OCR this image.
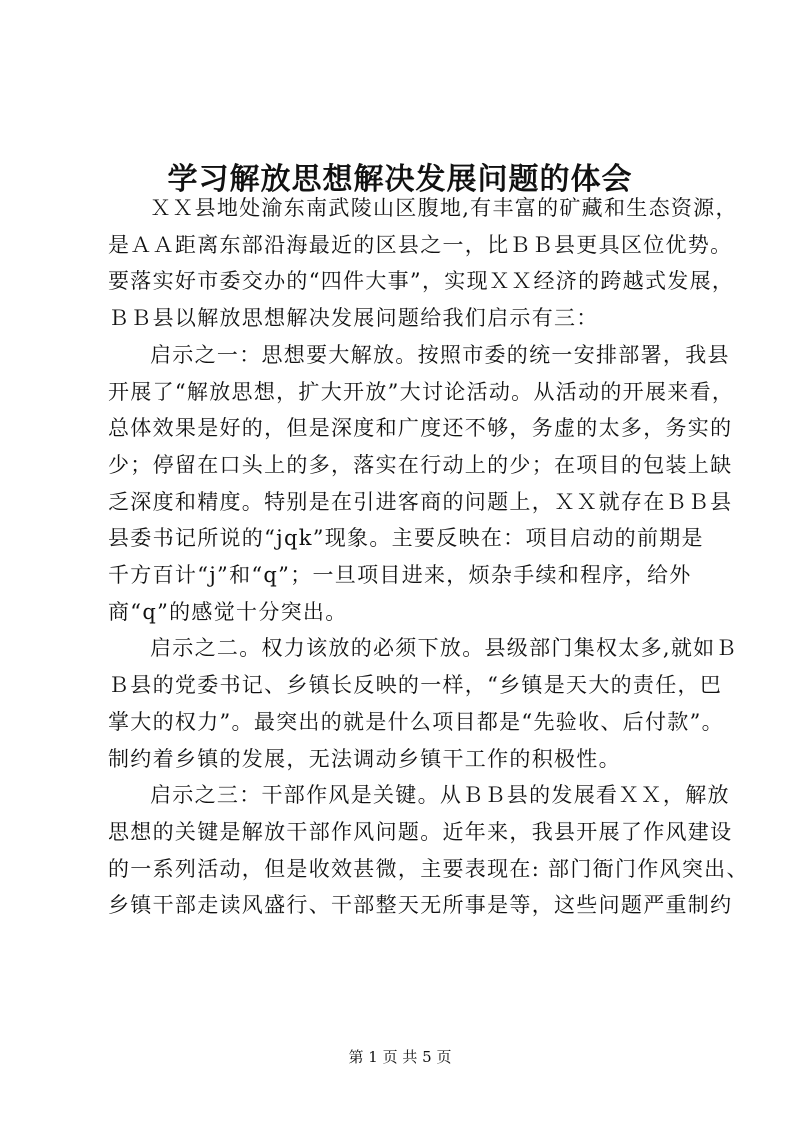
学习解放思想解决发展问题的体会

ＸＸ县地处渝东南武陵山区腹地,有丰富的矿藏和生态资源，
是ＡＡ距离东部沿海最近的区县之一，比ＢＢ县更具区位优势。
要落实好市委交办的“四件大事”，实现ＸＸ经济的跨越式发展，
ＢＢ县以解放思想解决发展问题给我们启示有三：

启示之一：思想要大解放。按照市委的统一安排部署，我县
开展了“解放思想，扩大开放”大讨论活动。从活动的开展来看，
总体效果是好的，但是深度和广度还不够，务虚的太多，务实的
少；停留在口头上的多，落实在行动上的少；在项目的包装上缺
乏深度和精度。特别是在引进客商的问题上，ＸＸ就存在ＢＢ县
县委书记所说的“jqk”现象。主要反映在：项目启动的前期是
千方百计“j”和“q”；一旦项目进来，烦杂手续和程序，给外
商“q”的感觉十分突出。

启示之二。权力该放的必须下放。县级部门集权太多,就如Ｂ
Ｂ县的党委书记、乡镇长反映的一样，“乡镇是天大的责任，巴
掌大的权力”。最突出的就是什么项目都是“先验收、后付款”。
制约着乡镇的发展，无法调动乡镇干工作的积极性。

启示之三：干部作风是关键。从ＢＢ县的发展看ＸＸ，解放
思想的关键是解放干部作风问题。近年来，我县开展了作风建设
的一系列活动，但是收效甚微，主要表现在: 部门衙门作风突出、
乡镇干部走读风盛行、干部整天无所事是等，这些问题严重制约

第 1 页 共 5 页
